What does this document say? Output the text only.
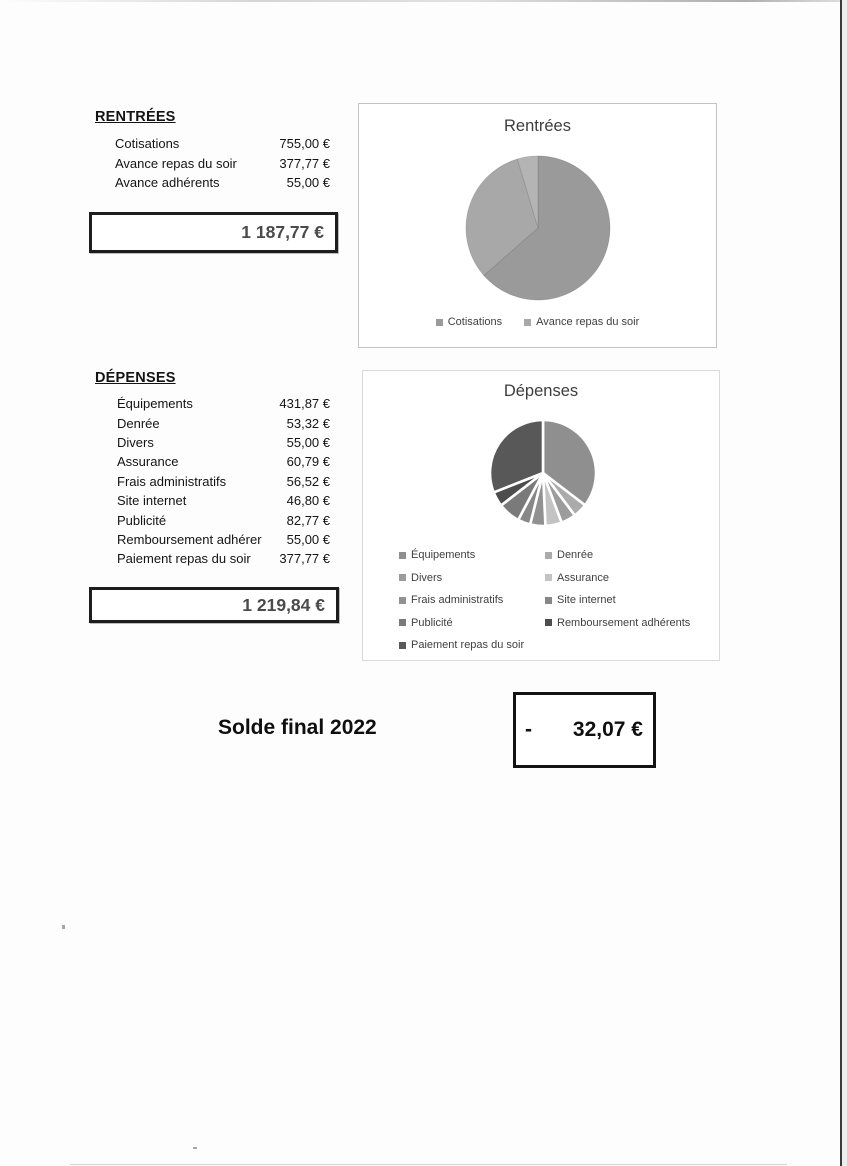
RENTRÉES
Cotisations	755,00 €
Avance repas du soir	377,77 €
Avance adhérents	55,00 €
1 187,77 €
Rentrées
Cotisations	Avance repas du soir
DÉPENSES
Équipements	431,87 €
Denrée	53,32 €
Divers	55,00 €
Assurance	60,79 €
Frais administratifs	56,52 €
Site internet	46,80 €
Publicité	82,77 €
Remboursement adhérer 55,00 €
Paiement repas du soir 377,77 €
1 219,84 €
Dépenses
Équipements	Denrée
Divers	Assurance
Frais administratifs	Site internet
Publicité	Remboursement adhérents
Paiement repas du soir
Solde final 2022	- 32,07 €
